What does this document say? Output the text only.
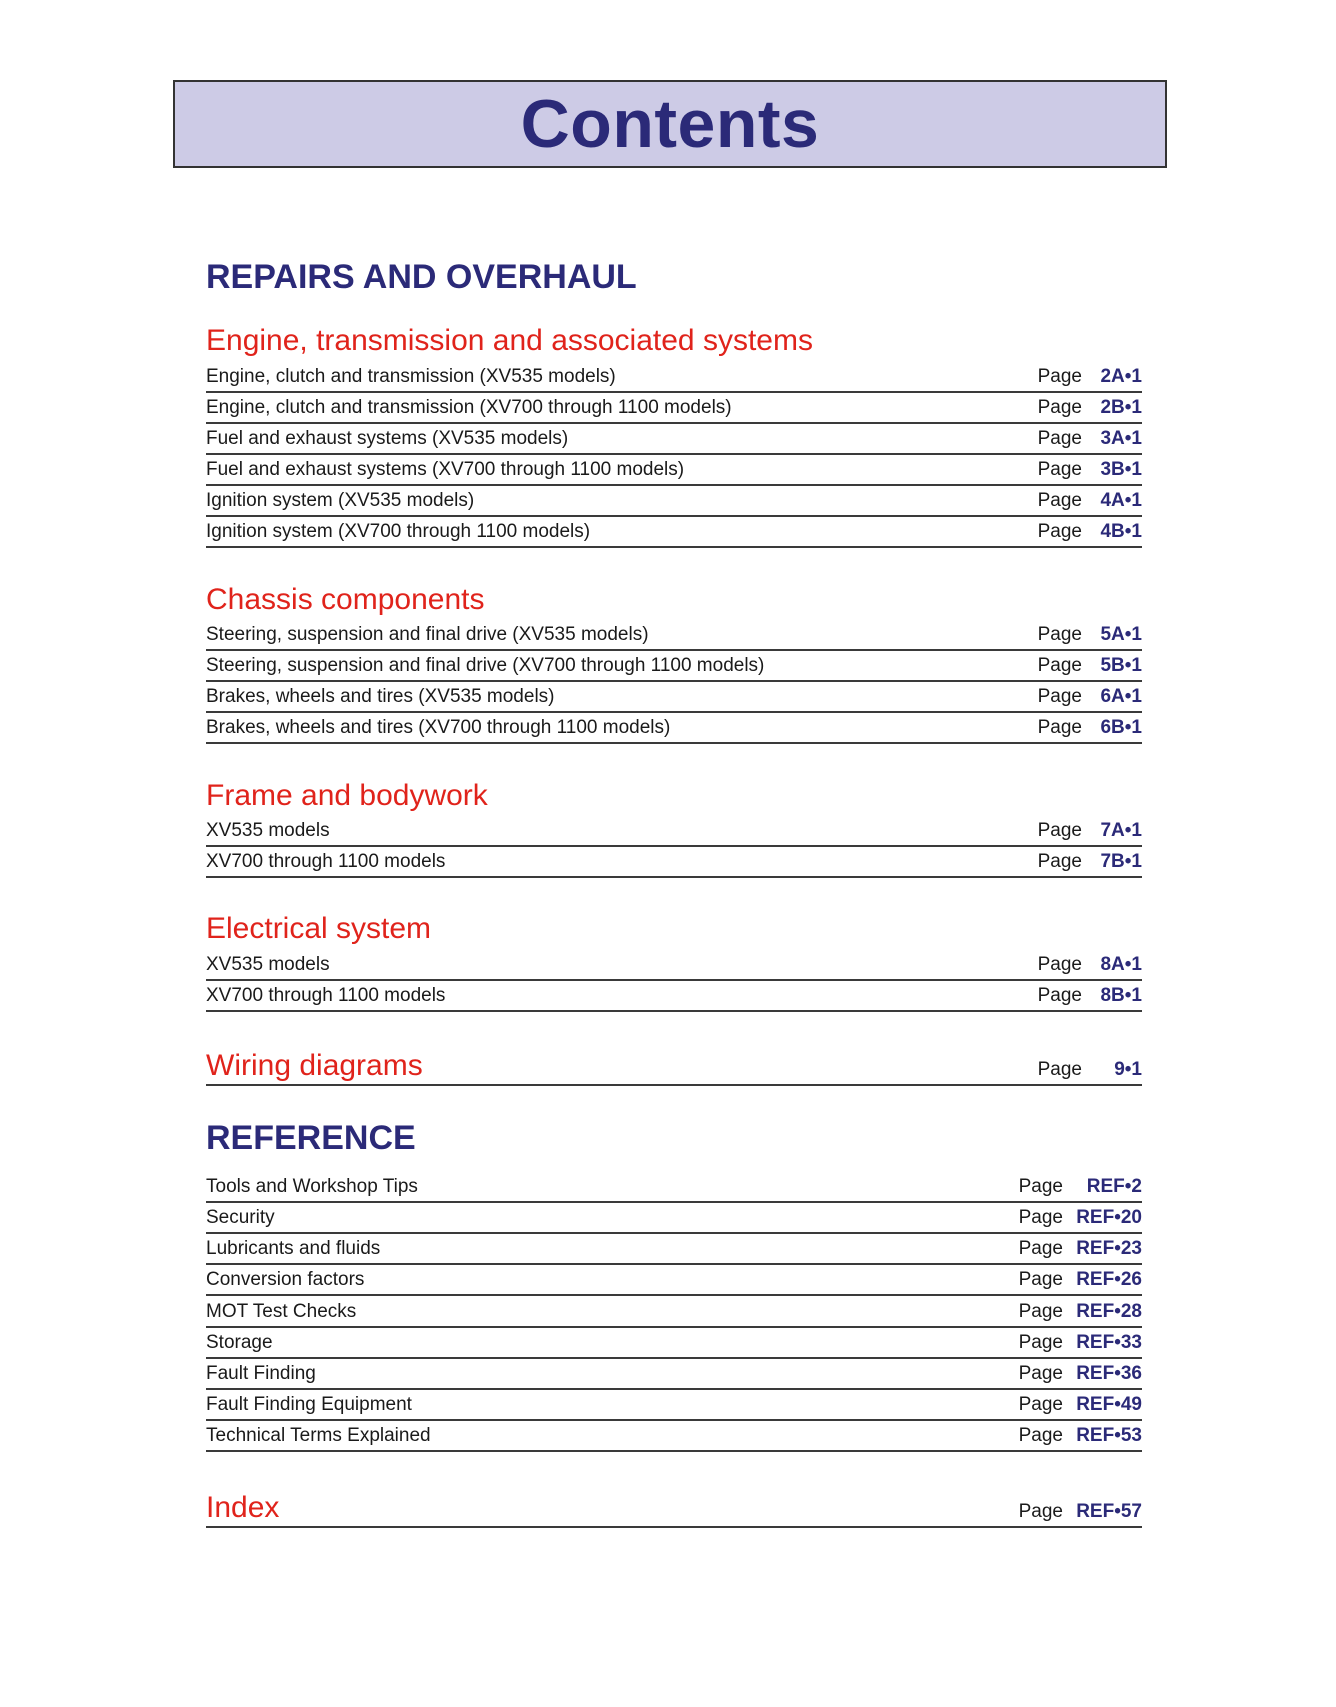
Contents
REPAIRS AND OVERHAUL
Engine, transmission and associated systems
Engine, clutch and transmission (XV535 models)	Page 2A•1
Engine, clutch and transmission (XV700 through 1100 models)	Page 2B•1
Fuel and exhaust systems (XV535 models)	Page 3A•1
Fuel and exhaust systems (XV700 through 1100 models)	Page 3B•1
Ignition system (XV535 models)	Page 4A•1
Ignition system (XV700 through 1100 models)	Page 4B•1
Chassis components
Steering, suspension and final drive (XV535 models)	Page 5A•1
Steering, suspension and final drive (XV700 through 1100 models)	Page 5B•1
Brakes, wheels and tires (XV535 models)	Page 6A•1
Brakes, wheels and tires (XV700 through 1100 models)	Page 6B•1
Frame and bodywork
XV535 models	Page 7A•1
XV700 through 1100 models	Page 7B•1
Electrical system
XV535 models	Page 8A•1
XV700 through 1100 models	Page 8B•1
Wiring diagrams	Page	9•1
REFERENCE
Tools and Workshop Tips	Page	REF•2
Security	Page REF•20
Lubricants and fluids	Page REF•23
Conversion factors	Page REF•26
MOT Test Checks	Page REF•28
Storage	Page REF•33
Fault Finding	Page REF•36
Fault Finding Equipment	Page REF•49
Technical Terms Explained	Page REF•53
Index	Page REF•57
